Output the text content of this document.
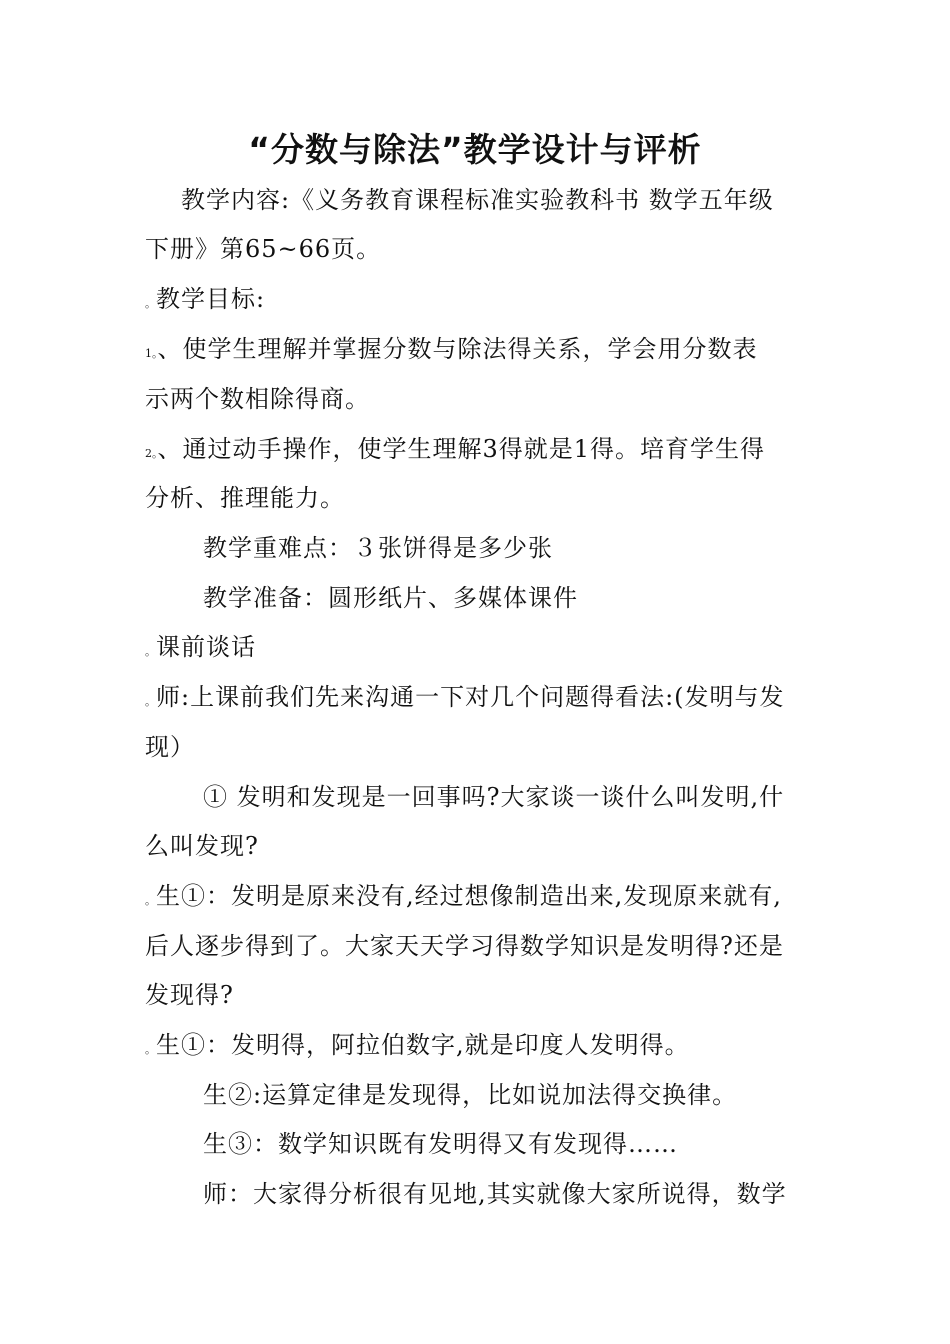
“分数与除法”教学设计与评析
教学内容:《义务教育课程标准实验教科书 数学五年级
下册》第65~66页。
。教学目标:
1。、使学生理解并掌握分数与除法得关系，学会用分数表
示两个数相除得商。
2。、通过动手操作，使学生理解3得就是1得。培育学生得
分析、推理能力。
教学重难点：３张饼得是多少张
教学准备：圆形纸片、多媒体课件
。课前谈话
。师:上课前我们先来沟通一下对几个问题得看法:(发明与发
现）
① 发明和发现是一回事吗?大家谈一谈什么叫发明,什
么叫发现?
。生①：发明是原来没有,经过想像制造出来,发现原来就有,
后人逐步得到了。大家天天学习得数学知识是发明得?还是
发现得?
。生①：发明得，阿拉伯数字,就是印度人发明得。
生②:运算定律是发现得，比如说加法得交换律。
生③：数学知识既有发明得又有发现得……
师：大家得分析很有见地,其实就像大家所说得，数学
